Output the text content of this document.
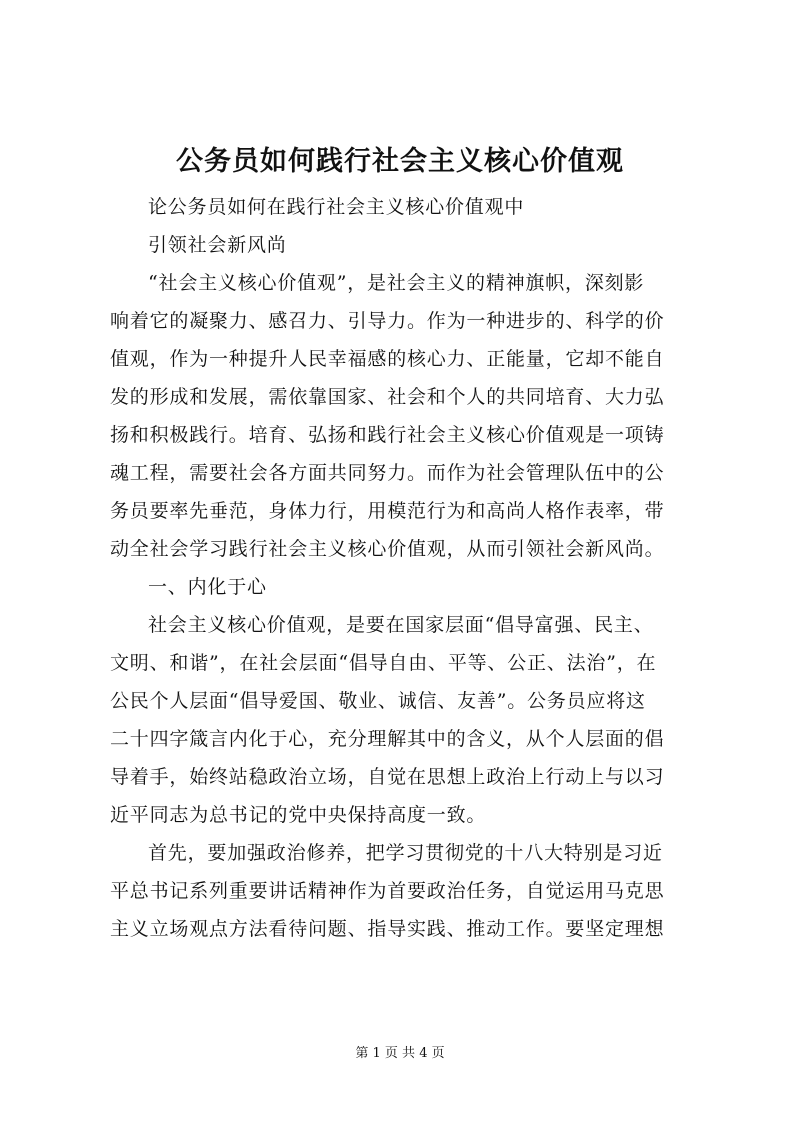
公务员如何践行社会主义核心价值观
论公务员如何在践行社会主义核心价值观中
引领社会新风尚
“社会主义核心价值观”，是社会主义的精神旗帜，深刻影
响着它的凝聚力、感召力、引导力。作为一种进步的、科学的价
值观，作为一种提升人民幸福感的核心力、正能量，它却不能自
发的形成和发展，需依靠国家、社会和个人的共同培育、大力弘
扬和积极践行。培育、弘扬和践行社会主义核心价值观是一项铸
魂工程，需要社会各方面共同努力。而作为社会管理队伍中的公
务员要率先垂范，身体力行，用模范行为和高尚人格作表率，带
动全社会学习践行社会主义核心价值观，从而引领社会新风尚。
一、内化于心
社会主义核心价值观，是要在国家层面“倡导富强、民主、
文明、和谐”，在社会层面“倡导自由、平等、公正、法治”，在
公民个人层面“倡导爱国、敬业、诚信、友善”。公务员应将这
二十四字箴言内化于心，充分理解其中的含义，从个人层面的倡
导着手，始终站稳政治立场，自觉在思想上政治上行动上与以习
近平同志为总书记的党中央保持高度一致。
首先，要加强政治修养，把学习贯彻党的十八大特别是习近
平总书记系列重要讲话精神作为首要政治任务，自觉运用马克思
主义立场观点方法看待问题、指导实践、推动工作。要坚定理想
第 1 页 共 4 页
